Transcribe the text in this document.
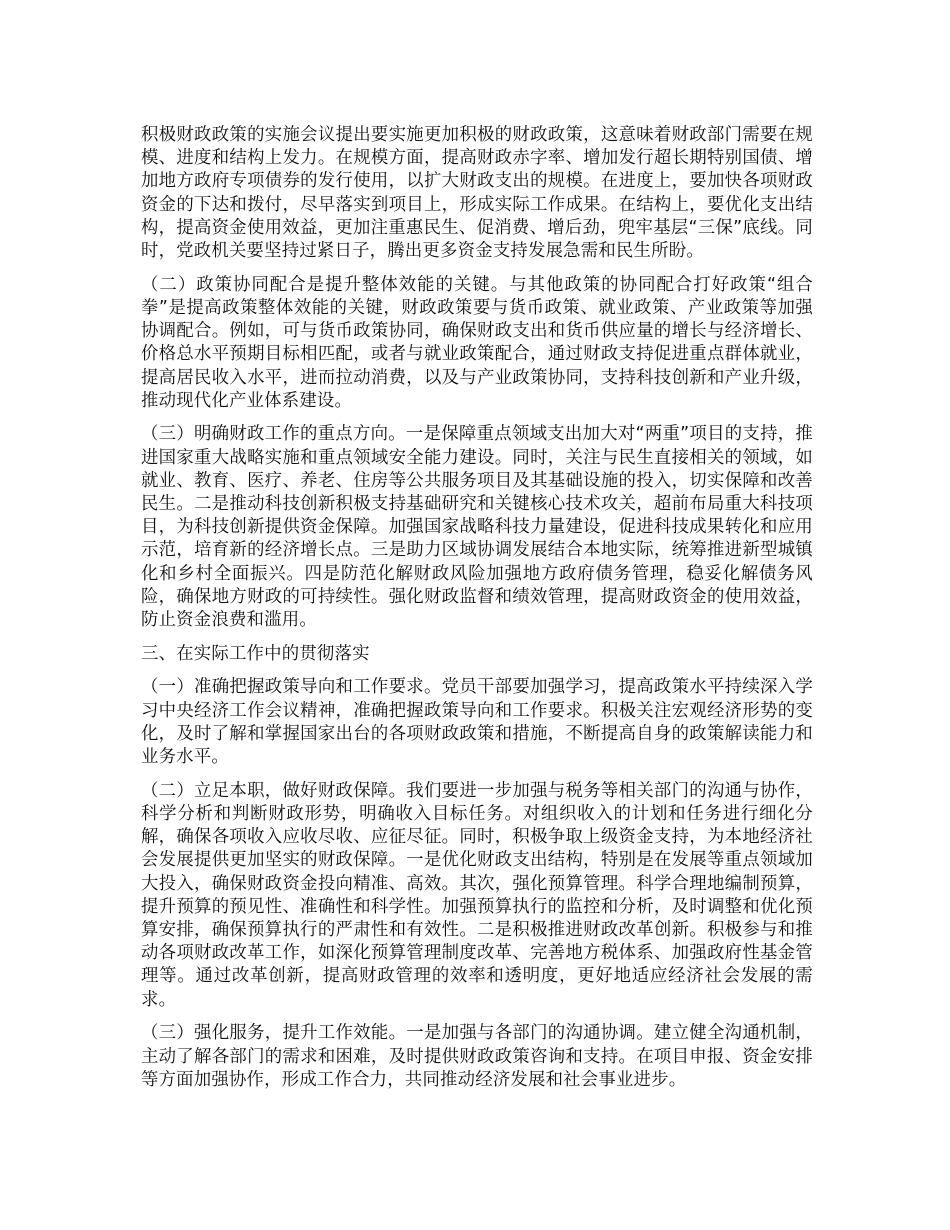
积极财政政策的实施会议提出要实施更加积极的财政政策，这意味着财政部门需要在规模、进度和结构上发力。在规模方面，提高财政赤字率、增加发行超长期特别国债、增加地方政府专项债券的发行使用，以扩大财政支出的规模。在进度上，要加快各项财政资金的下达和拨付，尽早落实到项目上，形成实际工作成果。在结构上，要优化支出结构，提高资金使用效益，更加注重惠民生、促消费、增后劲，兜牢基层“三保”底线。同时，党政机关要坚持过紧日子，腾出更多资金支持发展急需和民生所盼。

（二）政策协同配合是提升整体效能的关键。与其他政策的协同配合打好政策“组合拳”是提高政策整体效能的关键，财政政策要与货币政策、就业政策、产业政策等加强协调配合。例如，可与货币政策协同，确保财政支出和货币供应量的增长与经济增长、价格总水平预期目标相匹配，或者与就业政策配合，通过财政支持促进重点群体就业，提高居民收入水平，进而拉动消费，以及与产业政策协同，支持科技创新和产业升级，推动现代化产业体系建设。

（三）明确财政工作的重点方向。一是保障重点领域支出加大对“两重”项目的支持，推进国家重大战略实施和重点领域安全能力建设。同时，关注与民生直接相关的领域，如就业、教育、医疗、养老、住房等公共服务项目及其基础设施的投入，切实保障和改善民生。二是推动科技创新积极支持基础研究和关键核心技术攻关，超前布局重大科技项目，为科技创新提供资金保障。加强国家战略科技力量建设，促进科技成果转化和应用示范，培育新的经济增长点。三是助力区域协调发展结合本地实际，统筹推进新型城镇化和乡村全面振兴。四是防范化解财政风险加强地方政府债务管理，稳妥化解债务风险，确保地方财政的可持续性。强化财政监督和绩效管理，提高财政资金的使用效益，防止资金浪费和滥用。

三、在实际工作中的贯彻落实

（一）准确把握政策导向和工作要求。党员干部要加强学习，提高政策水平持续深入学习中央经济工作会议精神，准确把握政策导向和工作要求。积极关注宏观经济形势的变化，及时了解和掌握国家出台的各项财政政策和措施，不断提高自身的政策解读能力和业务水平。

（二）立足本职，做好财政保障。我们要进一步加强与税务等相关部门的沟通与协作，科学分析和判断财政形势，明确收入目标任务。对组织收入的计划和任务进行细化分解，确保各项收入应收尽收、应征尽征。同时，积极争取上级资金支持，为本地经济社会发展提供更加坚实的财政保障。一是优化财政支出结构，特别是在发展等重点领域加大投入，确保财政资金投向精准、高效。其次，强化预算管理。科学合理地编制预算，提升预算的预见性、准确性和科学性。加强预算执行的监控和分析，及时调整和优化预算安排，确保预算执行的严肃性和有效性。二是积极推进财政改革创新。积极参与和推动各项财政改革工作，如深化预算管理制度改革、完善地方税体系、加强政府性基金管理等。通过改革创新，提高财政管理的效率和透明度，更好地适应经济社会发展的需求。

（三）强化服务，提升工作效能。一是加强与各部门的沟通协调。建立健全沟通机制，主动了解各部门的需求和困难，及时提供财政政策咨询和支持。在项目申报、资金安排等方面加强协作，形成工作合力，共同推动经济发展和社会事业进步。
